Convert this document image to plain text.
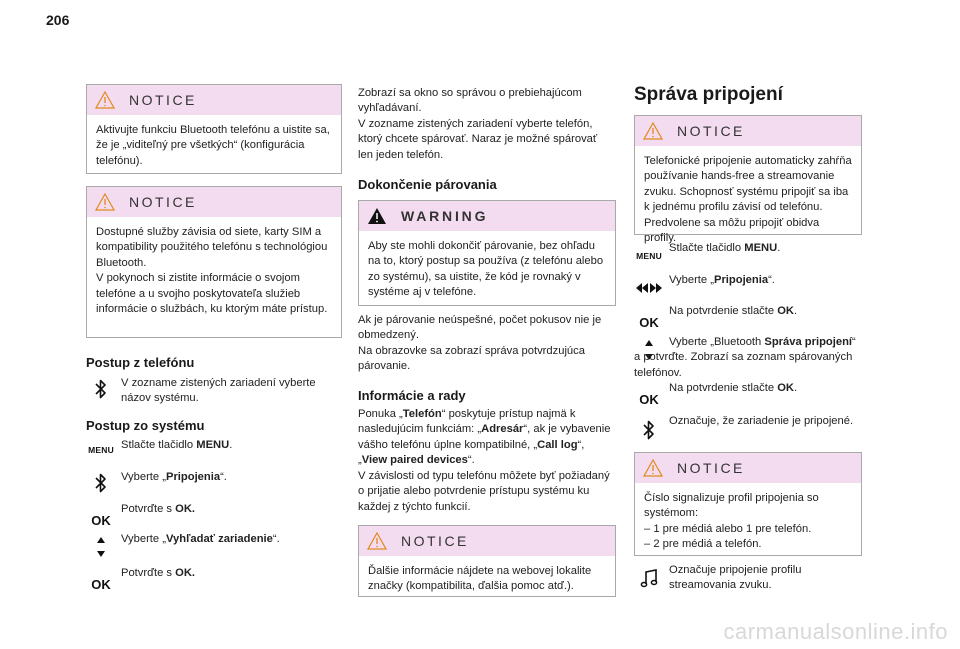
206
NOTICE
Aktivujte funkciu Bluetooth telefónu a uistite sa, že je „viditeľný pre všetkých“ (konfigurácia telefónu).
NOTICE
Dostupné služby závisia od siete, karty SIM a kompatibility použitého telefónu s technológiou Bluetooth.
V pokynoch si zistite informácie o svojom telefóne a u svojho poskytovateľa služieb informácie o službách, ku ktorým máte prístup.
Postup z telefónu
V zozname zistených zariadení vyberte názov systému.
Postup zo systému
MENU Stlačte tlačidlo MENU.
Vyberte „Pripojenia“.
OK
Potvrďte s OK.
Vyberte „Vyhľadať zariadenie“.
OK
Potvrďte s OK.
Zobrazí sa okno so správou o prebiehajúcom vyhľadávaní.
V zozname zistených zariadení vyberte telefón, ktorý chcete spárovať. Naraz je možné spárovať len jeden telefón.
Dokončenie párovania
WARNING
Aby ste mohli dokončiť párovanie, bez ohľadu na to, ktorý postup sa používa (z telefónu alebo zo systému), sa uistite, že kód je rovnaký v systéme aj v telefóne.
Ak je párovanie neúspešné, počet pokusov nie je obmedzený.
Na obrazovke sa zobrazí správa potvrdzujúca párovanie.
Informácie a rady
Ponuka „Telefón“ poskytuje prístup najmä k nasledujúcim funkciám: „Adresár“, ak je vybavenie vášho telefónu úplne kompatibilné, „Call log“, „View paired devices“.
V závislosti od typu telefónu môžete byť požiadaný o prijatie alebo potvrdenie prístupu systému ku každej z týchto funkcií.
NOTICE
Ďalšie informácie nájdete na webovej lokalite značky (kompatibilita, ďalšia pomoc atď.).
Správa pripojení
NOTICE
Telefonické pripojenie automaticky zahŕňa používanie hands-free a streamovanie zvuku. Schopnosť systému pripojiť sa iba k jednému profilu závisí od telefónu. Predvolene sa môžu pripojiť obidva profily.
MENU
Stlačte tlačidlo MENU.
Vyberte „Pripojenia“.
OK
Na potvrdenie stlačte OK.
Vyberte „Bluetooth Správa pripojení“ a potvrďte. Zobrazí sa zoznam spárovaných telefónov.
OK
Na potvrdenie stlačte OK.
Označuje, že zariadenie je pripojené.
NOTICE
Číslo signalizuje profil pripojenia so systémom:
– 1 pre médiá alebo 1 pre telefón.
– 2 pre médiá a telefón.
Označuje pripojenie profilu streamovania zvuku.
carmanualsonline.info
